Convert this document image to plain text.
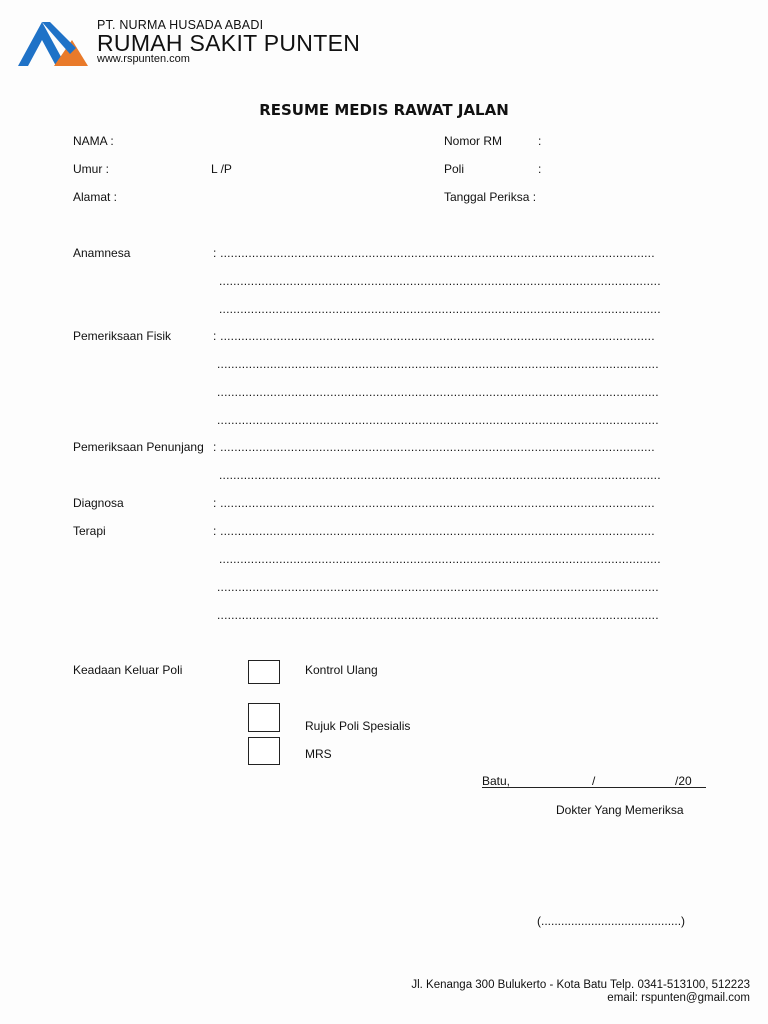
PT. NURMA HUSADA ABADI
RUMAH SAKIT PUNTEN
www.rspunten.com
RESUME MEDIS RAWAT JALAN
NAMA :
Umur :	L /P
Alamat :
Nomor RM	:
Poli	:
Tanggal Periksa :
Anamnesa	: ...........................................................................................................................
.............................................................................................................................
.............................................................................................................................
Pemeriksaan Fisik	: ...........................................................................................................................
.............................................................................................................................
.............................................................................................................................
.............................................................................................................................
Pemeriksaan Penunjang : ...........................................................................................................................
.............................................................................................................................
Diagnosa	: ...........................................................................................................................
Terapi	: ...........................................................................................................................
.............................................................................................................................
.............................................................................................................................
.............................................................................................................................
Keadaan Keluar Poli	Kontrol Ulang
Rujuk Poli Spesialis
MRS
Batu,	/	/20
Dokter Yang Memeriksa
(..........................................)
Jl. Kenanga 300 Bulukerto - Kota Batu Telp. 0341-513100, 512223
email: rspunten@gmail.com
